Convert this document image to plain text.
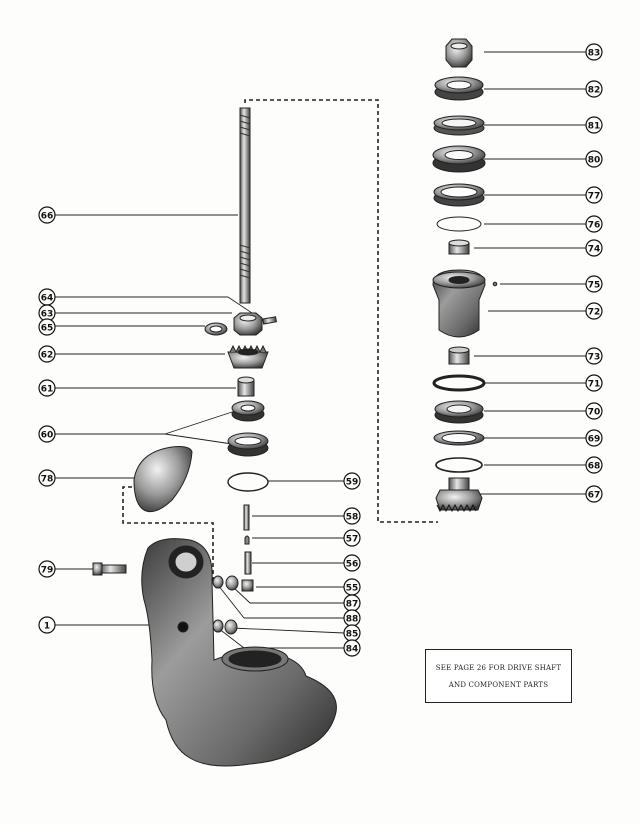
83
82
81
80
77
76
74
75
72
73
71
70
69
68
67
66
64
63
65
62
61
60
78
79
1
59
58
57
56
55
87
88
85
84
SEE PAGE 26 FOR DRIVE SHAFT
AND COMPONENT PARTS
